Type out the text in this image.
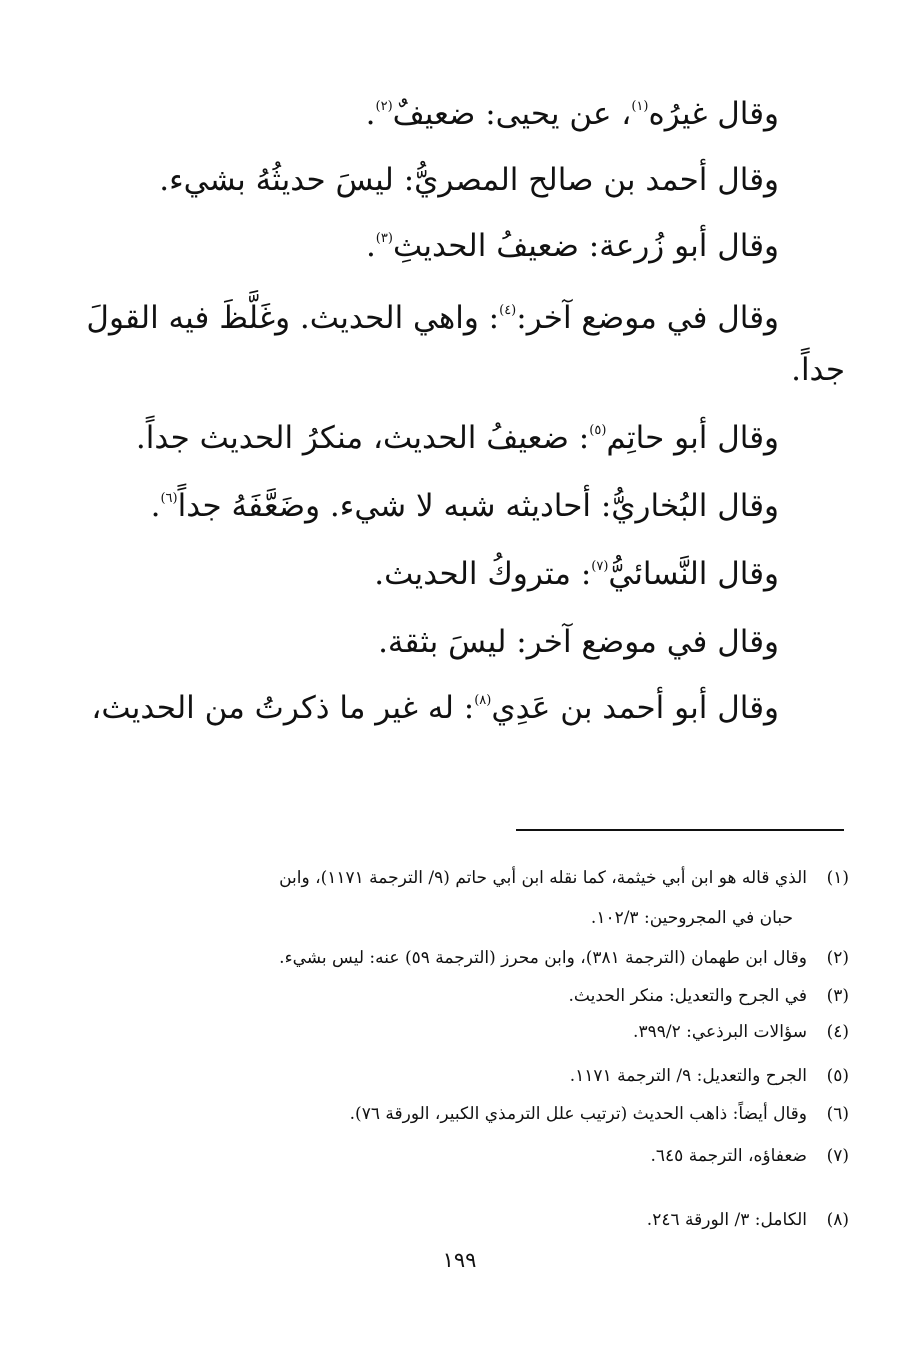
وقال غيرُه$^{(١)}$، عن يحيى: ضعيفٌ$^{(٢)}$.

وقال أحمد بن صالح المصريُّ: ليسَ حديثُهُ بشيء.

وقال أبو زُرعة: ضعيفُ الحديثِ$^{(٣)}$.

وقال في موضع آخر:$^{(٤)}$: واهي الحديث. وغَلَّظَ فيه القولَ

جداً.

وقال أبو حاتِم$^{(٥)}$: ضعيفُ الحديث، منكرُ الحديث جداً.

وقال البُخاريُّ: أحاديثه شبه لا شيء. وضَعَّفَهُ جداً$^{(٦)}$.

وقال النَّسائيُّ$^{(٧)}$: متروكُ الحديث.

وقال في موضع آخر: ليسَ بثقة.

وقال أبو أحمد بن عَدِي$^{(٨)}$: له غير ما ذكرتُ من الحديث،

(١)الذي قاله هو ابن أبي خيثمة، كما نقله ابن أبي حاتم (٩/ الترجمة ١١٧١)، وابن
حبان في المجروحين: ١٠٢/٣.
(٢)وقال ابن طهمان (الترجمة ٣٨١)، وابن محرز (الترجمة ٥٩) عنه: ليس بشيء.
(٣)في الجرح والتعديل: منكر الحديث.
(٤)سؤالات البرذعي: ٣٩٩/٢.
(٥)الجرح والتعديل: ٩/ الترجمة ١١٧١.
(٦)وقال أيضاً: ذاهب الحديث (ترتيب علل الترمذي الكبير، الورقة ٧٦).
(٧)ضعفاؤه، الترجمة ٦٤٥.
(٨)الكامل: ٣/ الورقة ٢٤٦.
١٩٩
